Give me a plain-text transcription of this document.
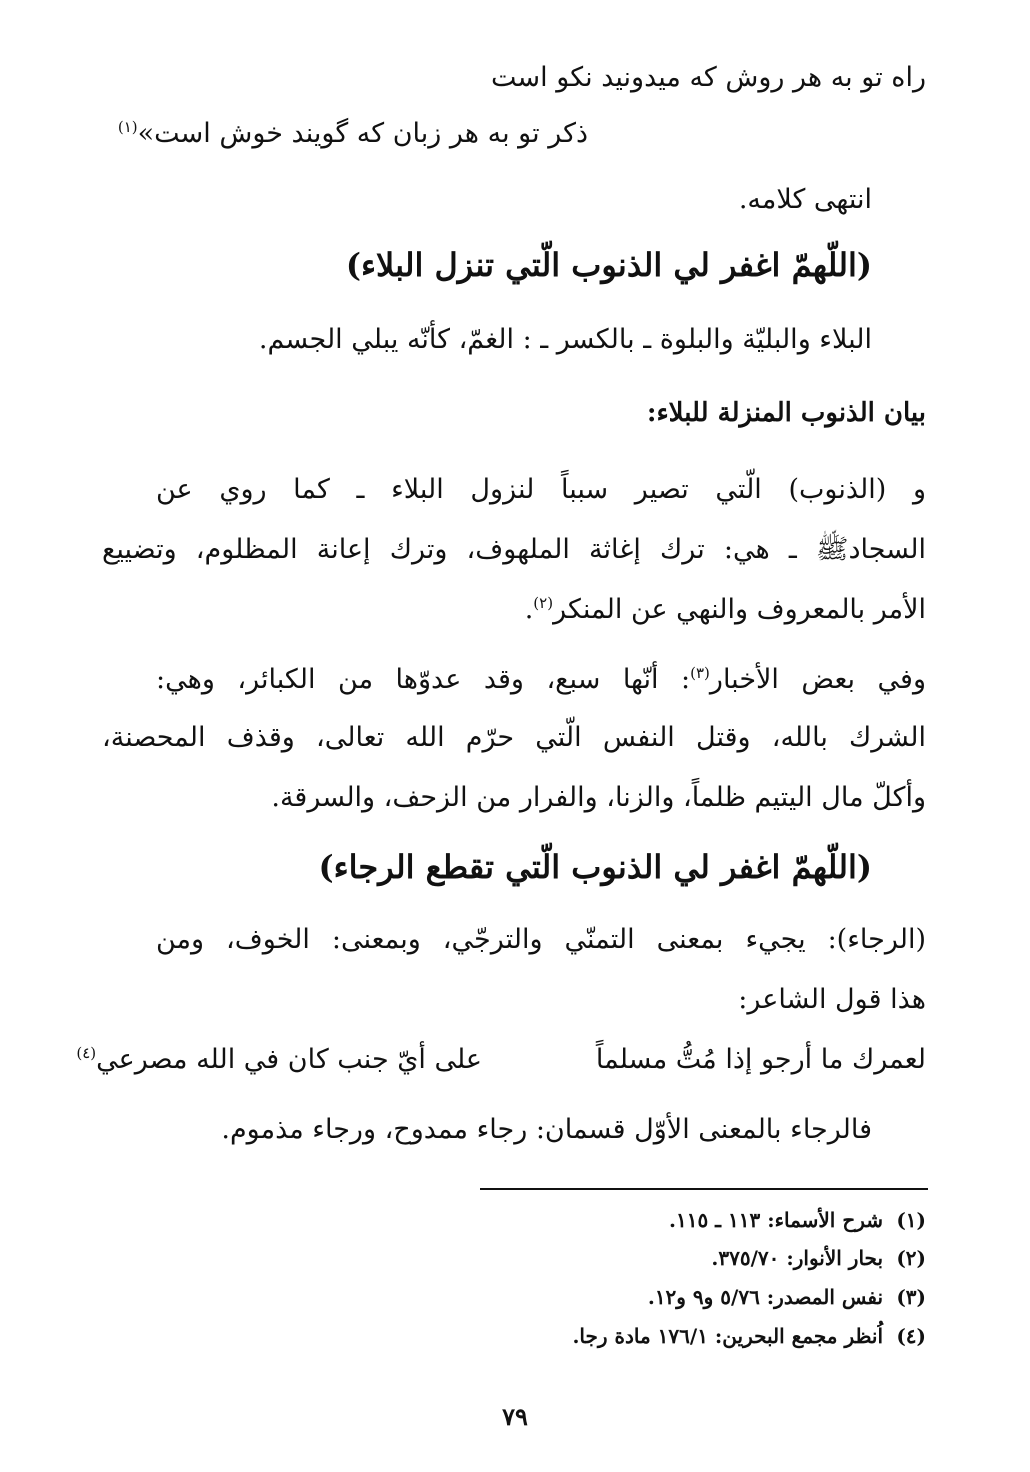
راه تو به هر روش که میدونید نکو است
ذکر تو به هر زبان که گویند خوش است»$^{(١)}$
انتهى كلامه.
(اللّهمّ اغفر لي الذنوب الّتي تنزل البلاء)
البلاء والبليّة والبلوة ـ بالكسر ـ : الغمّ، كأنّه يبلي الجسم.
بيان الذنوب المنزلة للبلاء:
و (الذنوب) الّتي تصير سبباً لنزول البلاء ـ كما روي عن
السجادﷺ ـ هي: ترك إغاثة الملهوف، وترك إعانة المظلوم، وتضييع
الأمر بالمعروف والنهي عن المنكر$^{(٢)}$.
وفي بعض الأخبار$^{(٣)}$: أنّها سبع، وقد عدوّها من الكبائر، وهي:
الشرك بالله، وقتل النفس الّتي حرّم الله تعالى، وقذف المحصنة،
وأكلّ مال اليتيم ظلماً، والزنا، والفرار من الزحف، والسرقة.
(اللّهمّ اغفر لي الذنوب الّتي تقطع الرجاء)
(الرجاء): يجيء بمعنى التمنّي والترجّي، وبمعنى: الخوف، ومن
هذا قول الشاعر:
لعمرك ما أرجو إذا مُتُّ مسلماً
على أيّ جنب كان في الله مصرعي$^{(٤)}$
فالرجاء بالمعنى الأوّل قسمان: رجاء ممدوح، ورجاء مذموم.
(١) شرح الأسماء: ١١٣ ـ ١١٥.
(٢) بحار الأنوار: ٣٧٥/٧٠.
(٣) نفس المصدر: ٥/٧٦ و٩ و١٢.
(٤) اُنظر مجمع البحرين: ١٧٦/١ مادة رجا.
٧٩
